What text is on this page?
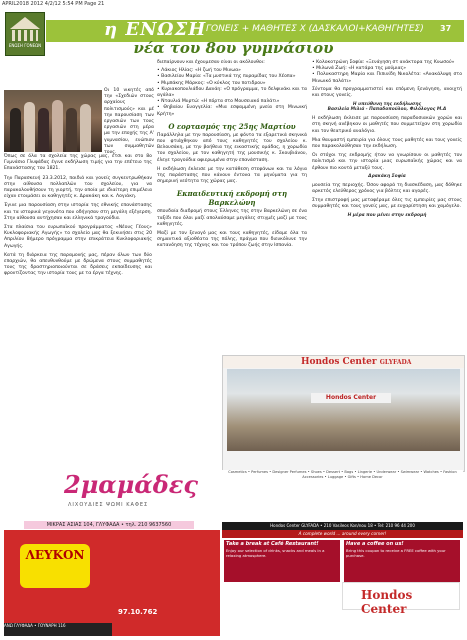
APRIL2018 2012 4/2/12 5:54 PM Page 21
ΕΝΩΣΗ ΓΟΝΕΩΝ
η ΕΝΩΣΗ ΓΟΝΕΙΣ + ΜΑΘΗΤΕΣ Χ (ΔΑΣΚΑΛΟΙ+ΚΑΘΗΓΗΤΕΣ) 37
νέα του 8ου γυμνάσιου
Οι 10 νικητές από την «Σχεδιών στους αρχαίους πολιτισμούς» και μέ την παρουσίαση των εργασιών των τους εργασιών στη μέρα μα την εποχής της Α' γυμνασίου, ενώπιον των συμμαθητών τους.

Όπως σε όλα τα σχολεία της χώρας μας, έτσι και στο 8ο Γυμνάσιο Γλυφάδας έγινε εκδήλωση τιμής για την επέτειο της Επανάστασης του 1821.

Την Παρασκευή 23.3.2012, παιδιά και γονείς συγκεντρωθήκαν στην αίθουσα πολλαπλών του σχολείου, για να παρακολουθήσουν τη γιορτή, την οποία με ιδιαίτερη επιμέλεια είχαν ετοιμάσει οι καθηγητές κ. Δρακάκη και κ. Λογιάκη.

Έγινε μια παρουσίαση στην ιστορία της εθνικής επανάστασης και τα ιστορικά γεγονότα που οδήγησαν στη μεγάλη εξέγερση. Στην αίθουσα αντήχησαν και ελληνικά τραγούδια.

Στα πλαίσια του ευρωπαϊκού προγράμματος «Νέους Γέους» Κυκλοφοριακής Αγωγής» το σχολείο μας θα ξεκινήσει στις 20 Απριλίου 8ήμερο πρόγραμμα στην επικράτεια Κυκλοφοριακής Αγωγής.

Κατά τη διάρκεια της παραμονής μας, πέραν όλων των δύο επαρχιών, θα απευθυνθούμε με δρώμενα στους συμμαθητές τους της δραστηριοποιούνται σε δράσεις εκπαίδευσης και φροντίζοντας την ιστορία τους με τα έργα τέχνης.

διεπαίρνουν και έχουμεσαν είναι οι ακόλουθοι:

• Λάκιος Ηλίας: «Η ζωή του Μινωα»

• Βασιλείου Μαρία: «Τα μυστικά της πυραμίδας του Χέοπα»

• Μιμπάκης Μάρκος: «Ο κύκλος του ποτιδρου»

• Κυριακοπουλιάδου Δανάη: «Ο πρόγραμμα, το δελφινάκι και τα αγάλα»

• Νταυλιά Μυρτώ: «Η πόρτα στο Μουσειακό παλάτι»

• Θηβαίου Ευαγγελία: «Μια εσφαμμένη μνεία στη Μινωική Κρήτη»

Ο εορτασμός της 25ης Μαρτίου

Παράλληλα με την παρουσίαση, με φόντο τα εξαρετικά σκηνικά που φτιάχθηκαν από τους καθηγητές του σχολείου κ. Βελουσάκη, με την βοήθεια της εικαστικής ομάδας, η χορωδία του σχολείου, με τον καθηγητή της μουσικής κ. Σκουβιάνου, έλεγε τραγούδια αφιερωμένα στην επανάσταση.

Η εκδήλωση έκλεισε με την κατάθεση στεφάνων και τα λόγια της παράστασης που κάνουν έντονα τα μηνύματα για τη σημερινή νεότητα της χώρας μας.

Εκπαιδευτική εκδρομή στη Βαρκελώνη

σπουδαία διαδρομή στους Έλληνες της στην Βαρκελώνη σε ένα ταξίδι που όλοι μαζί απολαύσαμε μεγάλες στιγμές μαζί με τους καθηγητές.

Μαζί με τον ξεναγό μας και τους καθηγητές, είδαμε όλα τα σημαντικά αξιοθέατα της πόλης, πράγμα που διευκόλυνε την κατανόηση της τέχνης και του τρόπου ζωής στην Ισπανία.

• Κολοκοτρώνη Σοφία: «Ξενάγηση στ ανάκτορα της Κνωσού»

• Μιλωνά Ζωή: «Η κατάρα της μούμιας»

• Πολυκαστηρη Μαρία και Πιπινίδη Νικολέτα: «Ανακάλυψη στο Μινωικό παλάτι»

Σύντομα θα προγραμματιστεί και επόμενη ξενάγηση, ανοιχτή και στους γονείς.

Η υπεύθυνη της εκδήλωσης
Βασιλεία Μιλιά - Παπαδοπούλου, Φιλόλογος Μ.Α

Η εκδήλωση έκλεισε με παρουσίαση παραδοσιακών χορών και στη σκηνή ανέβηκαν οι μαθητές που συμμετείχαν στη χορωδία και τον θεατρικό αναλόγιο.

Μια θαυμαστή εμπειρία για όλους τους μαθητές και τους γονείς που παρακολούθησαν την εκδήλωση.

Οι στόχοι της εκδρομής ήταν να γνωρίσουν οι μαθητές τον πολιτισμό και την ιστορία μιας ευρωπαϊκής χώρας και να έρθουν πιο κοντά μεταξύ τους.

Δρακάκη Σοφία

μουσεία της περιοχής. Όσον αφορά τη διασκέδαση, μας δόθηκε αρκετός ελεύθερος χρόνος για βόλτες και αγορές.

Στην επιστροφή μας μεταφέραμε όλες τις εμπειρίες μας στους συμμαθητές και τους γονείς μας, με ευχαρίστηση και χαμόγελο.

Η μέρα που μένει στην εκδρομή
Hondos Center GLYFADA
Hondos Center
2μαμάδες
ΛΙΧΟΥΔΙΕΣ ΨΩΜΙ ΚΑΦΕΣ
ΜΙΚΡΑΣ ΑΣΙΑΣ 104, ΓΛΥΦΑΔΑ • τηλ. 210 9637560
ΛΕΥΚΟΝ
ΑΝΩ ΓΛΥΦΑΔΑ • ΓΟΥΝΑΡΗ 116
97.10.762
Cosmetics • Perfumes • Designer Perfumes • Shoes • Dessert • Bags • Lingerie • Underwear • Swimwear • Watches • Fashion Accessories • Luggage • Gifts • Home Decor
Hondos Center GLYFADA • 210 Vasileos Kon/nou 18 • Tel: 210 96 44 200
A complete world ... around every corner!
Take a break at Café Restaurant!
Enjoy our selection of drinks, snacks and meals in a relaxing atmosphere.
Have a coffee on us!
Bring this coupon to receive a FREE coffee with your purchase.
Hondos Center
